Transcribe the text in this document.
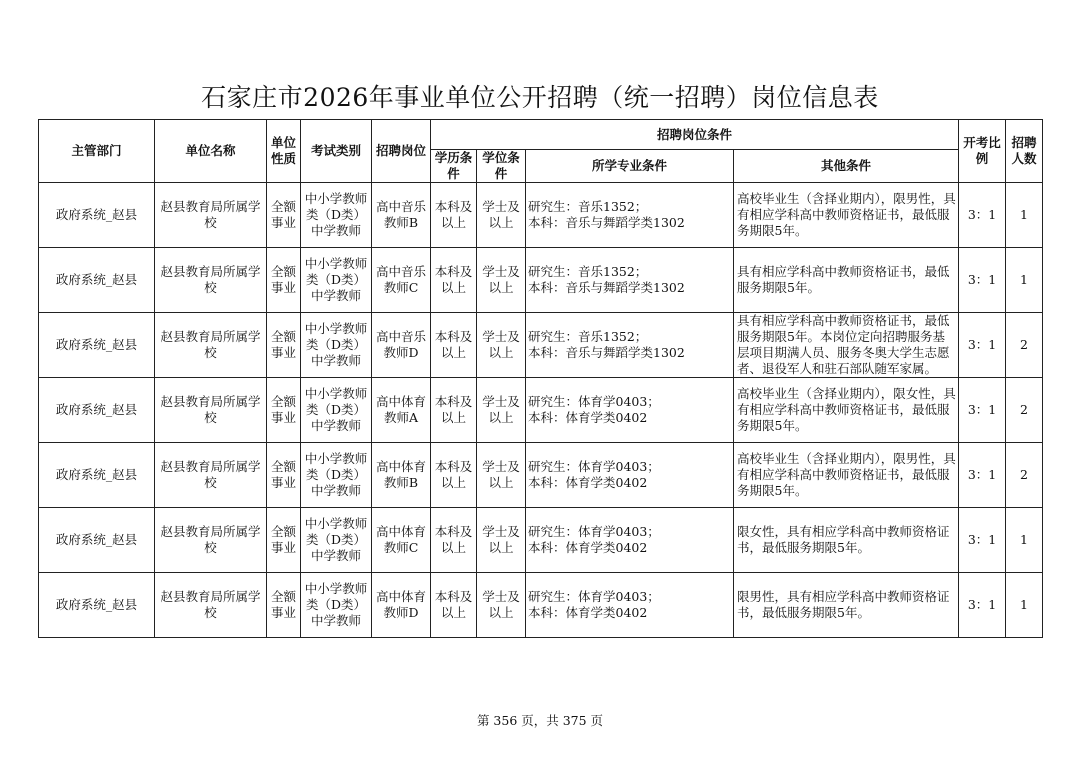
石家庄市2026年事业单位公开招聘（统一招聘）岗位信息表
主管部门	单位名称	单位性质	考试类别	招聘岗位	招聘岗位条件				开考比例	招聘人数
					学历条件	学位条件	所学专业条件	其他条件		
政府系统_赵县	赵县教育局所属学校	全额事业	中小学教师类（D类）中学教师	高中音乐教师B	本科及以上	学士及以上	研究生：音乐1352；
本科：音乐与舞蹈学类1302	高校毕业生（含择业期内），限男性，具有相应学科高中教师资格证书，最低服务期限5年。	3：1	1
政府系统_赵县	赵县教育局所属学校	全额事业	中小学教师类（D类）中学教师	高中音乐教师C	本科及以上	学士及以上	研究生：音乐1352；
本科：音乐与舞蹈学类1302	具有相应学科高中教师资格证书，最低服务期限5年。	3：1	1
政府系统_赵县	赵县教育局所属学校	全额事业	中小学教师类（D类）中学教师	高中音乐教师D	本科及以上	学士及以上	研究生：音乐1352；
本科：音乐与舞蹈学类1302	具有相应学科高中教师资格证书，最低服务期限5年。本岗位定向招聘服务基层项目期满人员、服务冬奥大学生志愿者、退役军人和驻石部队随军家属。	3：1	2
政府系统_赵县	赵县教育局所属学校	全额事业	中小学教师类（D类）中学教师	高中体育教师A	本科及以上	学士及以上	研究生：体育学0403；
本科：体育学类0402	高校毕业生（含择业期内），限女性，具有相应学科高中教师资格证书，最低服务期限5年。	3：1	2
政府系统_赵县	赵县教育局所属学校	全额事业	中小学教师类（D类）中学教师	高中体育教师B	本科及以上	学士及以上	研究生：体育学0403；
本科：体育学类0402	高校毕业生（含择业期内），限男性，具有相应学科高中教师资格证书，最低服务期限5年。	3：1	2
政府系统_赵县	赵县教育局所属学校	全额事业	中小学教师类（D类）中学教师	高中体育教师C	本科及以上	学士及以上	研究生：体育学0403；
本科：体育学类0402	限女性，具有相应学科高中教师资格证书，最低服务期限5年。	3：1	1
政府系统_赵县	赵县教育局所属学校	全额事业	中小学教师类（D类）中学教师	高中体育教师D	本科及以上	学士及以上	研究生：体育学0403；
本科：体育学类0402	限男性，具有相应学科高中教师资格证书，最低服务期限5年。	3：1	1
第 356 页，共 375 页
